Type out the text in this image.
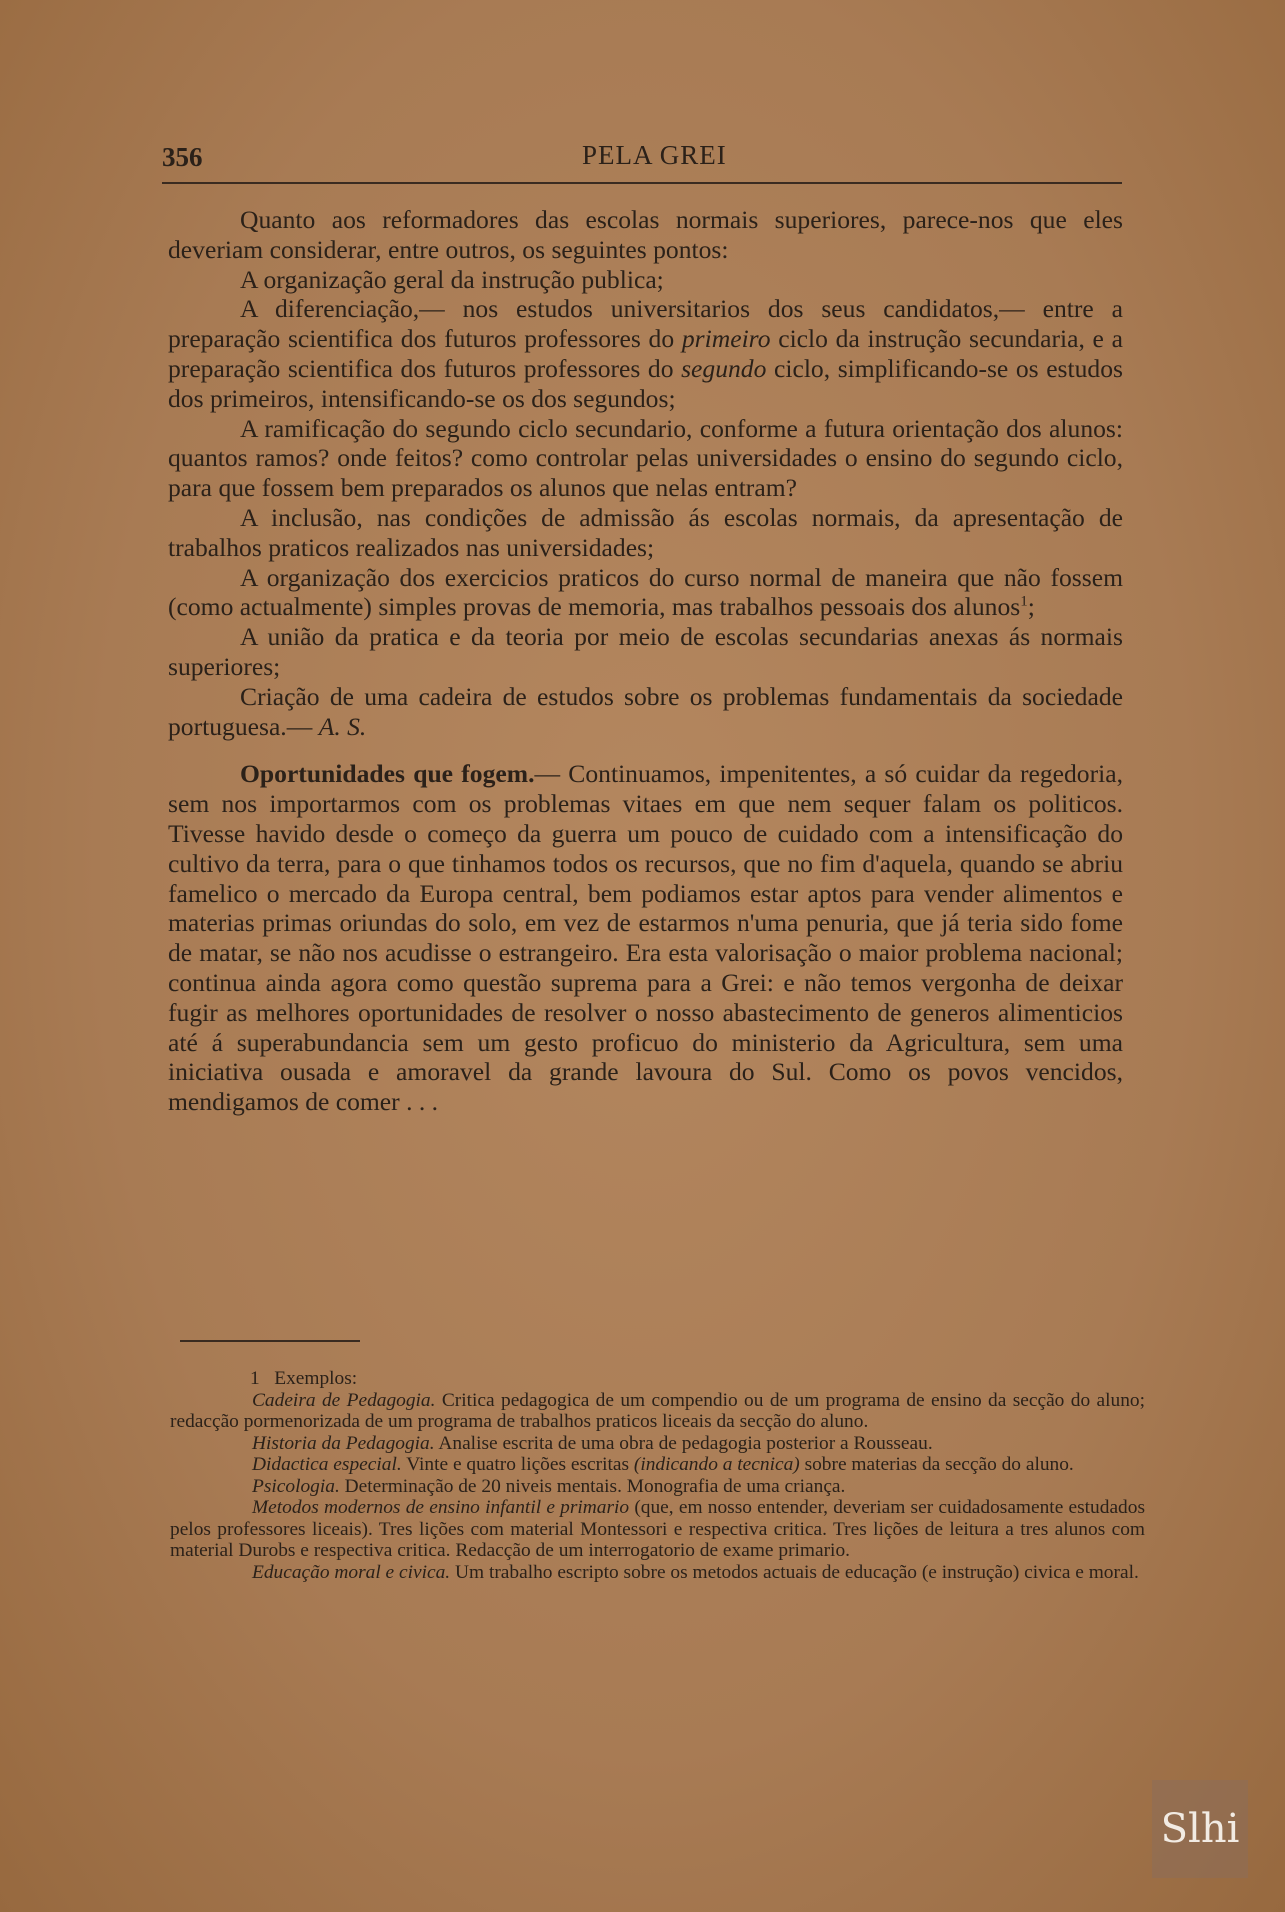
356	PELA GREI

Quanto aos reformadores das escolas normais superiores, parece-nos que eles deveriam considerar, entre outros, os seguintes pontos:

A organização geral da instrução publica;

A diferenciação,— nos estudos universitarios dos seus candidatos,— entre a preparação scientifica dos futuros professores do primeiro ciclo da instrução secundaria, e a preparação scientifica dos futuros professores do segundo ciclo, simplificando-se os estudos dos primeiros, intensificando-se os dos segundos;

A ramificação do segundo ciclo secundario, conforme a futura orientação dos alunos: quantos ramos? onde feitos? como controlar pelas universidades o ensino do segundo ciclo, para que fossem bem preparados os alunos que nelas entram?

A inclusão, nas condições de admissão ás escolas normais, da apresentação de trabalhos praticos realizados nas universidades;

A organização dos exercicios praticos do curso normal de maneira que não fossem (como actualmente) simples provas de memoria, mas trabalhos pessoais dos alunos$^1$;

A união da pratica e da teoria por meio de escolas secundarias anexas ás normais superiores;

Criação de uma cadeira de estudos sobre os problemas fundamentais da sociedade portuguesa.— A. S.

Oportunidades que fogem.— Continuamos, impenitentes, a só cuidar da regedoria, sem nos importarmos com os problemas vitaes em que nem sequer falam os politicos. Tivesse havido desde o começo da guerra um pouco de cuidado com a intensificação do cultivo da terra, para o que tinhamos todos os recursos, que no fim d'aquela, quando se abriu famelico o mercado da Europa central, bem podiamos estar aptos para vender alimentos e materias primas oriundas do solo, em vez de estarmos n'uma penuria, que já teria sido fome de matar, se não nos acudisse o estrangeiro. Era esta valorisação o maior problema nacional; continua ainda agora como questão suprema para a Grei: e não temos vergonha de deixar fugir as melhores oportunidades de resolver o nosso abastecimento de generos alimenticios até á superabundancia sem um gesto proficuo do ministerio da Agricultura, sem uma iniciativa ousada e amoravel da grande lavoura do Sul. Como os povos vencidos, mendigamos de comer . . .

1 Exemplos:

Cadeira de Pedagogia. Critica pedagogica de um compendio ou de um programa de ensino da secção do aluno; redacção pormenorizada de um programa de trabalhos praticos liceais da secção do aluno.

Historia da Pedagogia. Analise escrita de uma obra de pedagogia posterior a Rousseau.

Didactica especial. Vinte e quatro lições escritas (indicando a tecnica) sobre materias da secção do aluno.

Psicologia. Determinação de 20 niveis mentais. Monografia de uma criança.

Metodos modernos de ensino infantil e primario (que, em nosso entender, deveriam ser cuidadosamente estudados pelos professores liceais). Tres lições com material Montessori e respectiva critica. Tres lições de leitura a tres alunos com material Durobs e respectiva critica. Redacção de um interrogatorio de exame primario.

Educação moral e civica. Um trabalho escripto sobre os metodos actuais de educação (e instrução) civica e moral.

Slhi
